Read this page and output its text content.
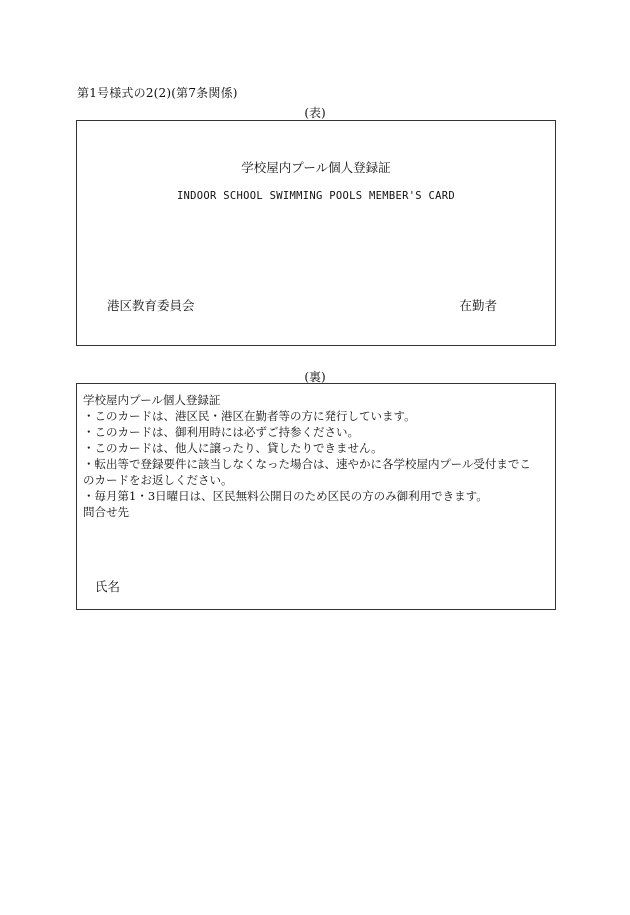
第1号様式の2(2)(第7条関係)
(表)
学校屋内プール個人登録証
INDOOR SCHOOL SWIMMING POOLS MEMBER'S CARD
港区教育委員会	在勤者
(裏)
学校屋内プール個人登録証
・このカードは、港区民・港区在勤者等の方に発行しています。
・このカードは、御利用時には必ずご持参ください。
・このカードは、他人に譲ったり、貸したりできません。
・転出等で登録要件に該当しなくなった場合は、速やかに各学校屋内プール受付までこ
のカードをお返しください。
・毎月第1・3日曜日は、区民無料公開日のため区民の方のみ御利用できます。
問合せ先
氏名
